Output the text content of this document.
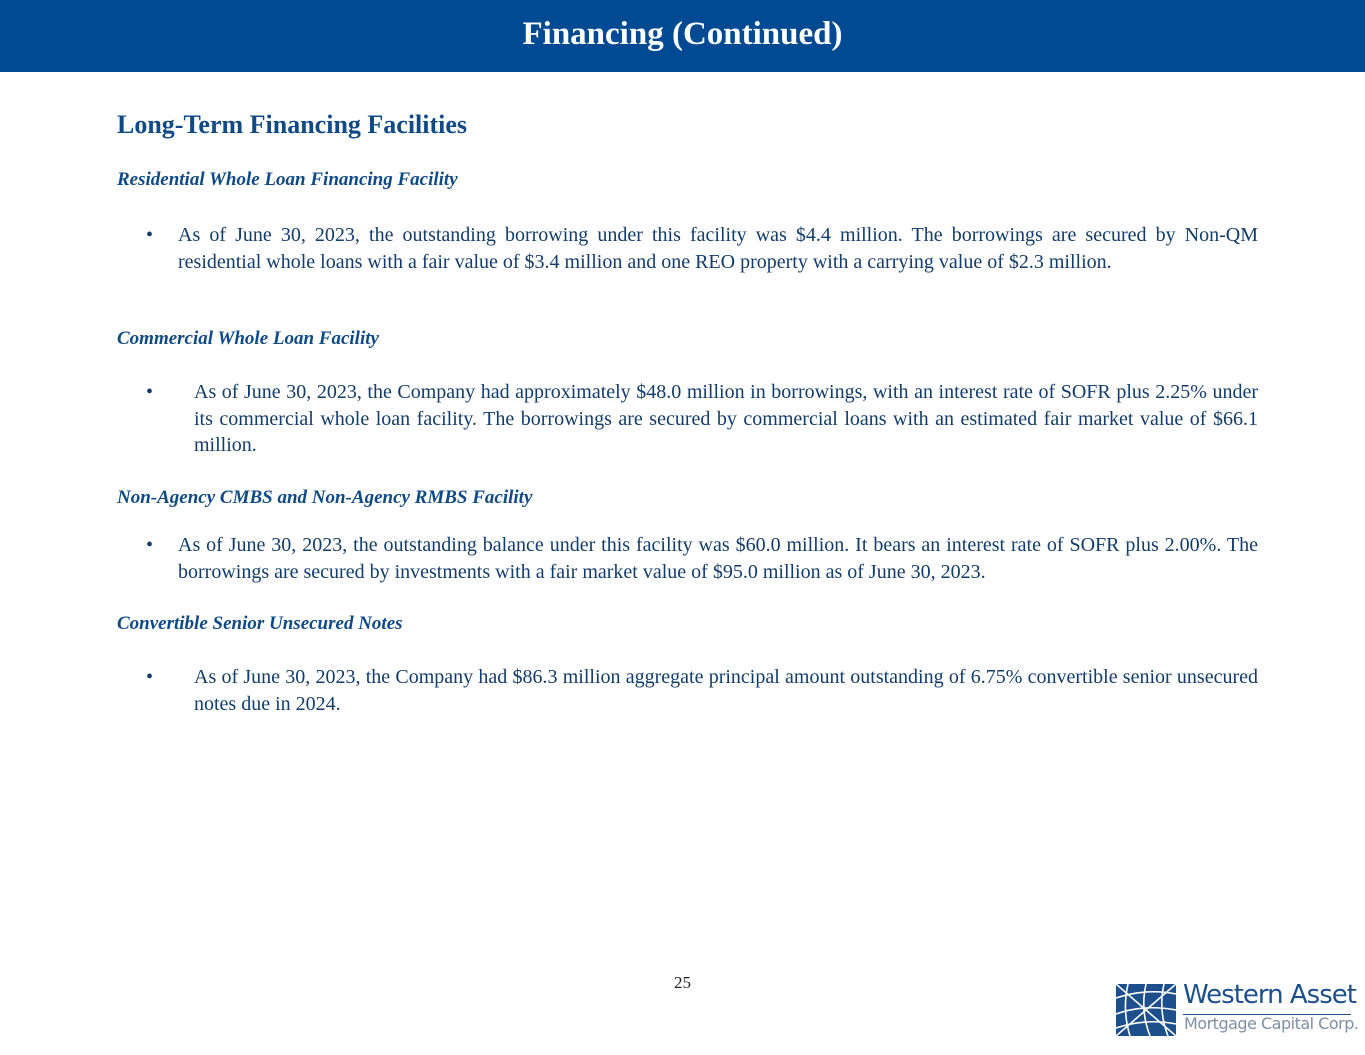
Financing (Continued)
Long-Term Financing Facilities
Residential Whole Loan Financing Facility
• As of June 30, 2023, the outstanding borrowing under this facility was $4.4 million. The borrowings are secured by Non-QM residential whole loans with a fair value of $3.4 million and one REO property with a carrying value of $2.3 million.
Commercial Whole Loan Facility
• As of June 30, 2023, the Company had approximately $48.0 million in borrowings, with an interest rate of SOFR plus 2.25% under its commercial whole loan facility. The borrowings are secured by commercial loans with an estimated fair market value of $66.1 million.
Non-Agency CMBS and Non-Agency RMBS Facility
• As of June 30, 2023, the outstanding balance under this facility was $60.0 million. It bears an interest rate of SOFR plus 2.00%. The borrowings are secured by investments with a fair market value of $95.0 million as of June 30, 2023.
Convertible Senior Unsecured Notes
• As of June 30, 2023, the Company had $86.3 million aggregate principal amount outstanding of 6.75% convertible senior unsecured notes due in 2024.
25	Western Asset
Mortgage Capital Corp.
